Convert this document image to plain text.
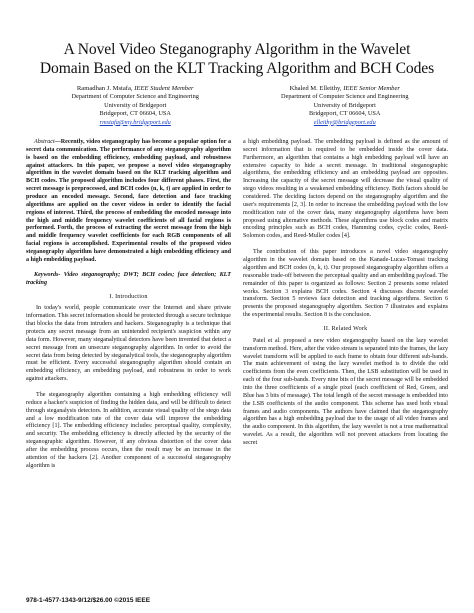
A Novel Video Steganography Algorithm in the Wavelet
Domain Based on the KLT Tracking Algorithm and BCH Codes
Ramadhan J. Mstafa, IEEE Student Member
Department of Computer Science and Engineering
University of Bridgeport
Bridgeport, CT 06604, USA
rmstafa@my.bridgeport.edu
Khaled M. Elleithy, IEEE Senior Member
Department of Computer Science and Engineering
University of Bridgeport
Bridgeport, CT 06604, USA
elleithy@bridgeport.edu

Abstract—Recently, video steganography has become a popular option for a secret data communication. The performance of any steganography algorithm is based on the embedding efficiency, embedding payload, and robustness against attackers. In this paper, we propose a novel video steganography algorithm in the wavelet domain based on the KLT tracking algorithm and BCH codes. The proposed algorithm includes four different phases. First, the secret message is preprocessed, and BCH codes (n, k, t) are applied in order to produce an encoded message. Second, face detection and face tracking algorithms are applied on the cover videos in order to identify the facial regions of interest. Third, the process of embedding the encoded message into the high and middle frequency wavelet coefficients of all facial regions is performed. Forth, the process of extracting the secret message from the high and middle frequency wavelet coefficients for each RGB components of all facial regions is accomplished. Experimental results of the proposed video steganography algorithm have demonstrated a high embedding efficiency and a high embedding payload.

Keywords- Video steganography; DWT; BCH codes; face detection; KLT tracking

I. Introduction

In today's world, people communicate over the Internet and share private information. This secret information should be protected through a secure technique that blocks the data from intruders and hackers. Steganography is a technique that protects any secret message from an unintended recipient's suspicion within any data form. However, many steganalytical detectors have been invented that detect a secret message from an unsecure steganography algorithm. In order to avoid the secret data from being detected by steganalytical tools, the steganography algorithm must be efficient. Every successful steganography algorithm should contain an embedding efficiency, an embedding payload, and robustness in order to work against attackers.

The steganography algorithm containing a high embedding efficiency will reduce a hacker's suspicion of finding the hidden data, and will be difficult to detect through steganalysis detectors. In addition, accurate visual quality of the stego data and a low modification rate of the cover data will improve the embedding efficiency [1]. The embedding efficiency includes: perceptual quality, complexity, and security. The embedding efficiency is directly affected by the security of the steganographic algorithm. However, if any obvious distortion of the cover data after the embedding process occurs, then the result may be an increase in the attention of the hackers [2]. Another component of a successful steganography algorithm is

a high embedding payload. The embedding payload is defined as the amount of secret information that is required to be embedded inside the cover data. Furthermore, an algorithm that contains a high embedding payload will have an extensive capacity to hide a secret message. In traditional steganographic algorithms, the embedding efficiency and an embedding payload are opposites. Increasing the capacity of the secret message will decrease the visual quality of stego videos resulting in a weakened embedding efficiency. Both factors should be considered. The deciding factors depend on the steganography algorithm and the user's requirements [2, 3]. In order to increase the embedding payload with the low modification rate of the cover data, many steganography algorithms have been proposed using alternative methods. These algorithms use block codes and matrix encoding principles such as BCH codes, Hamming codes, cyclic codes, Reed-Solomon codes, and Reed-Muller codes [4].

The contribution of this paper introduces a novel video steganography algorithm in the wavelet domain based on the Kanade-Lucas-Tomasi tracking algorithm and BCH codes (n, k, t). Our proposed steganography algorithm offers a reasonable trade-off between the perceptual quality and an embedding payload. The remainder of this paper is organized as follows: Section 2 presents some related works. Section 3 explains BCH codes. Section 4 discusses discrete wavelet transform. Section 5 reviews face detection and tracking algorithms. Section 6 presents the proposed steganography algorithm. Section 7 illustrates and explains the experimental results. Section 8 is the conclusion.

II. Related Work

Patel et al. proposed a new video steganography based on the lazy wavelet transform method. Here, after the video stream is separated into the frames, the lazy wavelet transform will be applied to each frame to obtain four different sub-bands. The main achievement of using the lazy wavelet method is to divide the odd coefficients from the even coefficients. Then, the LSB substitution will be used in each of the four sub-bands. Every nine bits of the secret message will be embedded into the three coefficients of a single pixel (each coefficient of Red, Green, and Blue has 3 bits of message). The total length of the secret message is embedded into the LSB coefficients of the audio component. This scheme has used both visual frames and audio components. The authors have claimed that the steganography algorithm has a high embedding payload due to the usage of all video frames and the audio component. In this algorithm, the lazy wavelet is not a true mathematical wavelet. As a result, the algorithm will not prevent attackers from locating the secret

978-1-4577-1343-9/12/$26.00 ©2015 IEEE
